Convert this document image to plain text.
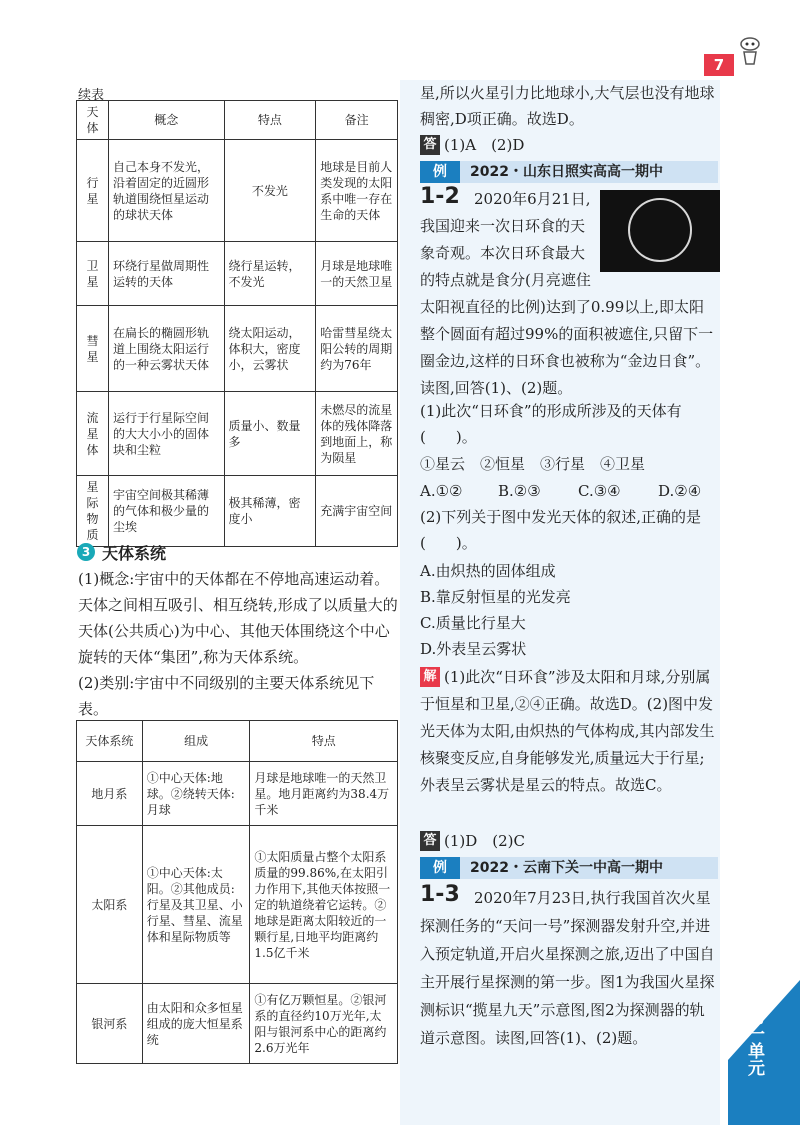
7
第一单元
续表
天体	概念	特点	备注
行星	自己本身不发光，沿着固定的近圆形轨道围绕恒星运动的球状天体	不发光	地球是目前人类发现的太阳系中唯一存在生命的天体
卫星	环绕行星做周期性运转的天体	绕行星运转，不发光	月球是地球唯一的天然卫星
彗星	在扁长的椭圆形轨道上围绕太阳运行的一种云雾状天体	绕太阳运动，体积大，密度小，云雾状	哈雷彗星绕太阳公转的周期约为76年
流星体	运行于行星际空间的大大小小的固体块和尘粒	质量小、数量多	未燃尽的流星体的残体降落到地面上，称为陨星
星际物质	宇宙空间极其稀薄的气体和极少量的尘埃	极其稀薄，密度小	充满宇宙空间
3 天体系统
(1)概念:宇宙中的天体都在不停地高速运动着。天体之间相互吸引、相互绕转,形成了以质量大的天体(公共质心)为中心、其他天体围绕这个中心旋转的天体“集团”,称为天体系统。
(2)类别:宇宙中不同级别的主要天体系统见下表。
天体系统	组成	特点
地月系	①中心天体:地球。②绕转天体:月球	月球是地球唯一的天然卫星。地月距离约为38.4万千米
太阳系	①中心天体:太阳。②其他成员:行星及其卫星、小行星、彗星、流星体和星际物质等	①太阳质量占整个太阳系质量的99.86%,在太阳引力作用下,其他天体按照一定的轨道绕着它运转。②地球是距离太阳较近的一颗行星,日地平均距离约1.5亿千米
银河系	由太阳和众多恒星组成的庞大恒星系统	①有亿万颗恒星。②银河系的直径约10万光年,太阳与银河系中心的距离约2.6万光年
星,所以火星引力比地球小,大气层也没有地球稠密,D项正确。故选D。
答 (1)A　(2)D
例	2022・山东日照实高高一期中
1-2 2020年6月21日,我国迎来一次日环食的天象奇观。本次日环食最大的特点就是食分(月亮遮住太阳视直径的比例)达到了0.99以上,即太阳整个圆面有超过99%的面积被遮住,只留下一圈金边,这样的日环食也被称为“金边日食”。读图,回答(1)、(2)题。
(1)此次“日环食”的形成所涉及的天体有(　　)。
①星云　②恒星　③行星　④卫星
A.①② B.②③ C.③④ D.②④
(2)下列关于图中发光天体的叙述,正确的是(　　)。
A.由炽热的固体组成
B.靠反射恒星的光发亮
C.质量比行星大
D.外表呈云雾状
解 (1)此次“日环食”涉及太阳和月球,分别属于恒星和卫星,②④正确。故选D。(2)图中发光天体为太阳,由炽热的气体构成,其内部发生核聚变反应,自身能够发光,质量远大于行星;外表呈云雾状是星云的特点。故选C。
答 (1)D　(2)C
例	2022・云南下关一中高一期中
1-3 2020年7月23日,执行我国首次火星探测任务的“天问一号”探测器发射升空,并进入预定轨道,开启火星探测之旅,迈出了中国自主开展行星探测的第一步。图1为我国火星探测标识“揽星九天”示意图,图2为探测器的轨道示意图。读图,回答(1)、(2)题。
